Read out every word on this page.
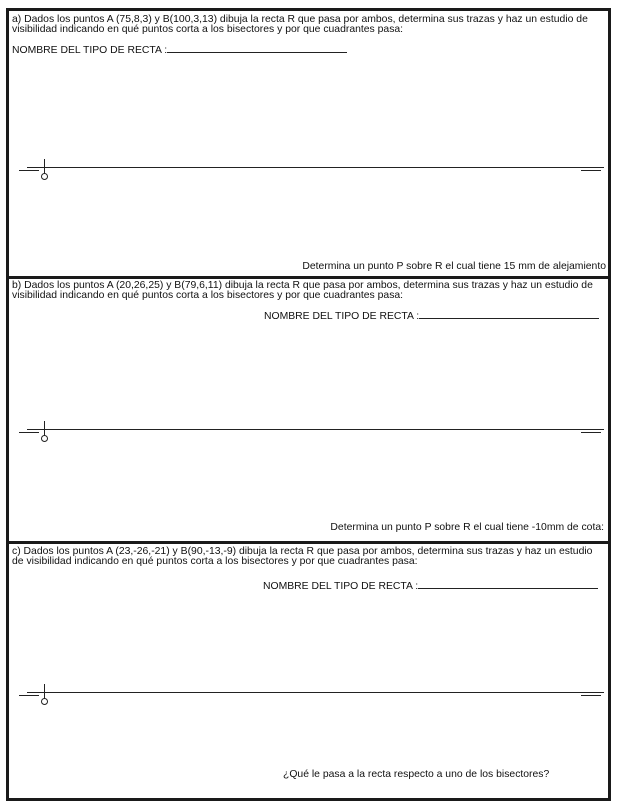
a) Dados los puntos A (75,8,3) y B(100,3,13) dibuja la recta R que pasa por ambos, determina sus trazas y haz un estudio de visibilidad indicando en qué puntos corta a los bisectores y por que cuadrantes pasa:

NOMBRE DEL TIPO DE RECTA :
Determina un punto P sobre R el cual tiene 15 mm de alejamiento

b) Dados los puntos A (20,26,25) y B(79,6,11) dibuja la recta R que pasa por ambos, determina sus trazas y haz un estudio de visibilidad indicando en qué puntos corta a los bisectores y por que cuadrantes pasa:

NOMBRE DEL TIPO DE RECTA :
Determina un punto P sobre R el cual tiene -10mm de cota:

c) Dados los puntos A (23,-26,-21) y B(90,-13,-9) dibuja la recta R que pasa por ambos, determina sus trazas y haz un estudio de visibilidad indicando en qué puntos corta a los bisectores y por que cuadrantes pasa:

NOMBRE DEL TIPO DE RECTA :
¿Qué le pasa a la recta respecto a uno de los bisectores?
